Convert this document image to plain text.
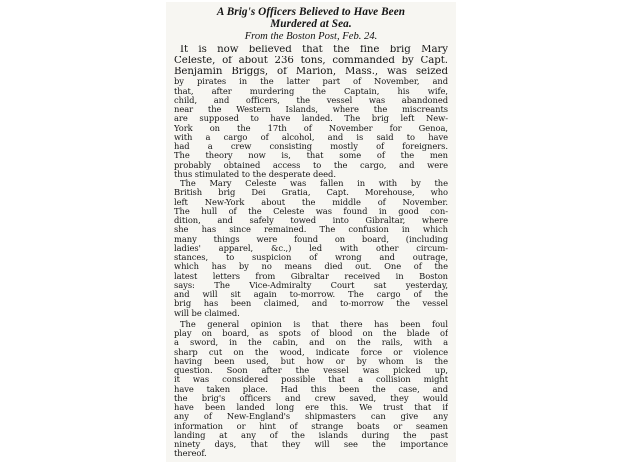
A Brig's Officers Believed to Have Been
Murdered at Sea.
From the Boston Post, Feb. 24.
It is now believed that the fine brig Mary
Celeste, of about 236 tons, commanded by Capt.
Benjamin Briggs, of Marion, Mass., was seized
by pirates in the latter part of November, and
that, after murdering the Captain, his wife,
child, and officers, the vessel was abandoned
near the Western Islands, where the miscreants
are supposed to have landed. The brig left New-
York on the 17th of November for Genoa,
with a cargo of alcohol, and is said to have
had a crew consisting mostly of foreigners.
The theory now is, that some of the men
probably obtained access to the cargo, and were
thus stimulated to the desperate deed.
The Mary Celeste was fallen in with by the
British brig Dei Gratia, Capt. Morehouse, who
left New-York about the middle of November.
The hull of the Celeste was found in good con-
dition, and safely towed into Gibraltar, where
she has since remained. The confusion in which
many things were found on board, (including
ladies' apparel, &c.,) led with other circum-
stances, to suspicion of wrong and outrage,
which has by no means died out. One of the
latest letters from Gibraltar received in Boston
says: The Vice-Admiralty Court sat yesterday,
and will sit again to-morrow. The cargo of the
brig has been claimed, and to-morrow the vessel
will be claimed.
The general opinion is that there has been foul
play on board, as spots of blood on the blade of
a sword, in the cabin, and on the rails, with a
sharp cut on the wood, indicate force or violence
having been used, but how or by whom is the
question. Soon after the vessel was picked up,
it was considered possible that a collision might
have taken place. Had this been the case, and
the brig's officers and crew saved, they would
have been landed long ere this. We trust that if
any of New-England's shipmasters can give any
information or hint of strange boats or seamen
landing at any of the islands during the past
ninety days, that they will see the importance
thereof.
